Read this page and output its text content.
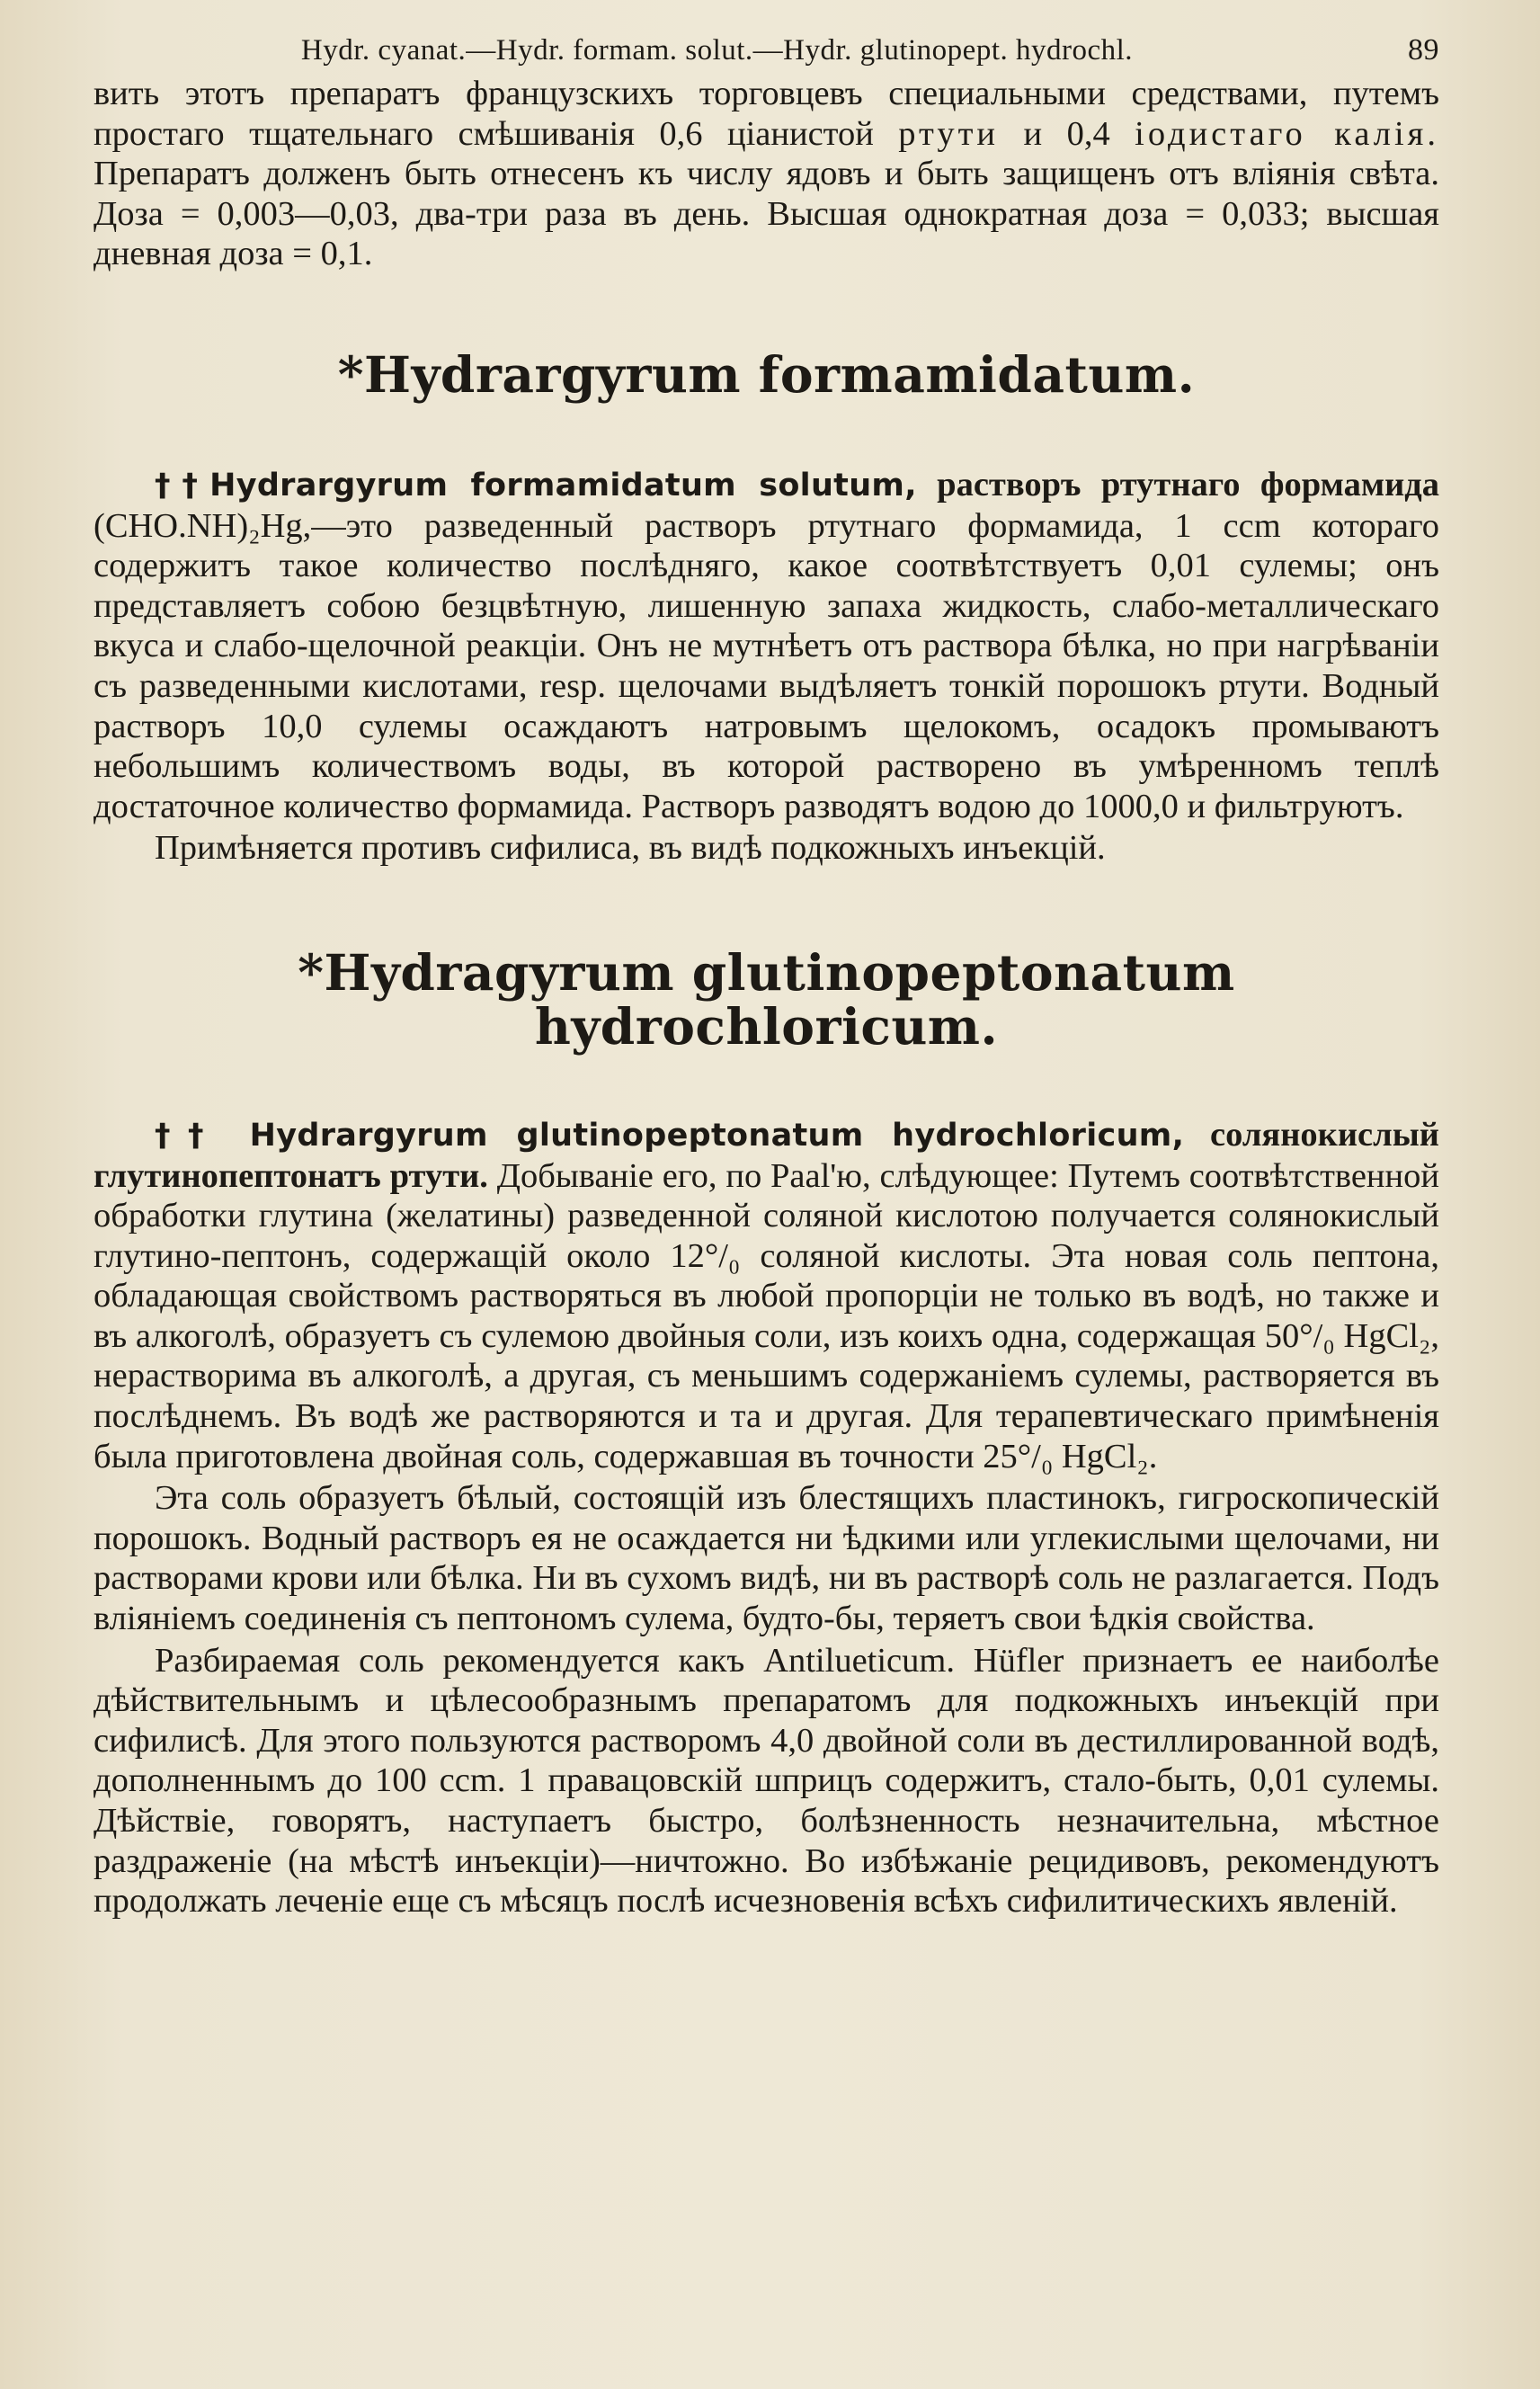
Hydr. cyanat.—Hydr. formam. solut.—Hydr. glutinopept. hydrochl.	89

вить этотъ препаратъ французскихъ торговцевъ специальными средствами, путемъ простаго тщательнаго смѣшиванія 0,6 ціанистой ртути и 0,4 іодистаго калія. Препаратъ долженъ быть отнесенъ къ числу ядовъ и быть защищенъ отъ вліянія свѣта. Доза = 0,003—0,03, два-три раза въ день. Высшая однократная доза = 0,033; высшая дневная доза = 0,1.

*Hydrargyrum formamidatum.

††Hydrargyrum formamidatum solutum, растворъ ртутнаго формамида (CHO.NH)₂Hg,—это разведенный растворъ ртутнаго формамида, 1 ccm котораго содержитъ такое количество послѣдняго, какое соотвѣтствуетъ 0,01 сулемы; онъ представляетъ собою безцвѣтную, лишенную запаха жидкость, слабо-металлическаго вкуса и слабо-щелочной реакціи. Онъ не мутнѣетъ отъ раствора бѣлка, но при нагрѣваніи съ разведенными кислотами, resp. щелочами выдѣляетъ тонкій порошокъ ртути. Водный растворъ 10,0 сулемы осаждаютъ натровымъ щелокомъ, осадокъ промываютъ небольшимъ количествомъ воды, въ которой растворено въ умѣренномъ теплѣ достаточное количество формамида. Растворъ разводятъ водою до 1000,0 и фильтруютъ.

Примѣняется противъ сифилиса, въ видѣ подкожныхъ инъекцій.

*Hydragyrum glutinopeptonatum hydrochloricum.

†† Hydrargyrum glutinopeptonatum hydrochloricum, солянокислый глутинопептонатъ ртути. Добываніе его, по Paal'ю, слѣдующее: Путемъ соотвѣтственной обработки глутина (желатины) разведенной соляной кислотою получается солянокислый глутино-пептонъ, содержащій около 12°/₀ соляной кислоты. Эта новая соль пептона, обладающая свойствомъ растворяться въ любой пропорціи не только въ водѣ, но также и въ алкоголѣ, образуетъ съ сулемою двойныя соли, изъ коихъ одна, содержащая 50°/₀ HgCl₂, нерастворима въ алкоголѣ, а другая, съ меньшимъ содержаніемъ сулемы, растворяется въ послѣднемъ. Въ водѣ же растворяются и та и другая. Для терапевтическаго примѣненія была приготовлена двойная соль, содержавшая въ точности 25°/₀ HgCl₂.

Эта соль образуетъ бѣлый, состоящій изъ блестящихъ пластинокъ, гигроскопическій порошокъ. Водный растворъ ея не осаждается ни ѣдкими или углекислыми щелочами, ни растворами крови или бѣлка. Ни въ сухомъ видѣ, ни въ растворѣ соль не разлагается. Подъ вліяніемъ соединенія съ пептономъ сулема, будто-бы, теряетъ свои ѣдкія свойства.

Разбираемая соль рекомендуется какъ Antilueticum. Hüfler признаетъ ее наиболѣе дѣйствительнымъ и цѣлесообразнымъ препаратомъ для подкожныхъ инъекцій при сифилисѣ. Для этого пользуются растворомъ 4,0 двойной соли въ дестиллированной водѣ, дополненнымъ до 100 ccm. 1 правацовскій шприцъ содержитъ, стало-быть, 0,01 сулемы. Дѣйствіе, говорятъ, наступаетъ быстро, болѣзненность незначительна, мѣстное раздраженіе (на мѣстѣ инъекціи)—ничтожно. Во избѣжаніе рецидивовъ, рекомендуютъ продолжать леченіе еще съ мѣсяцъ послѣ исчезновенія всѣхъ сифилитическихъ явленій.
